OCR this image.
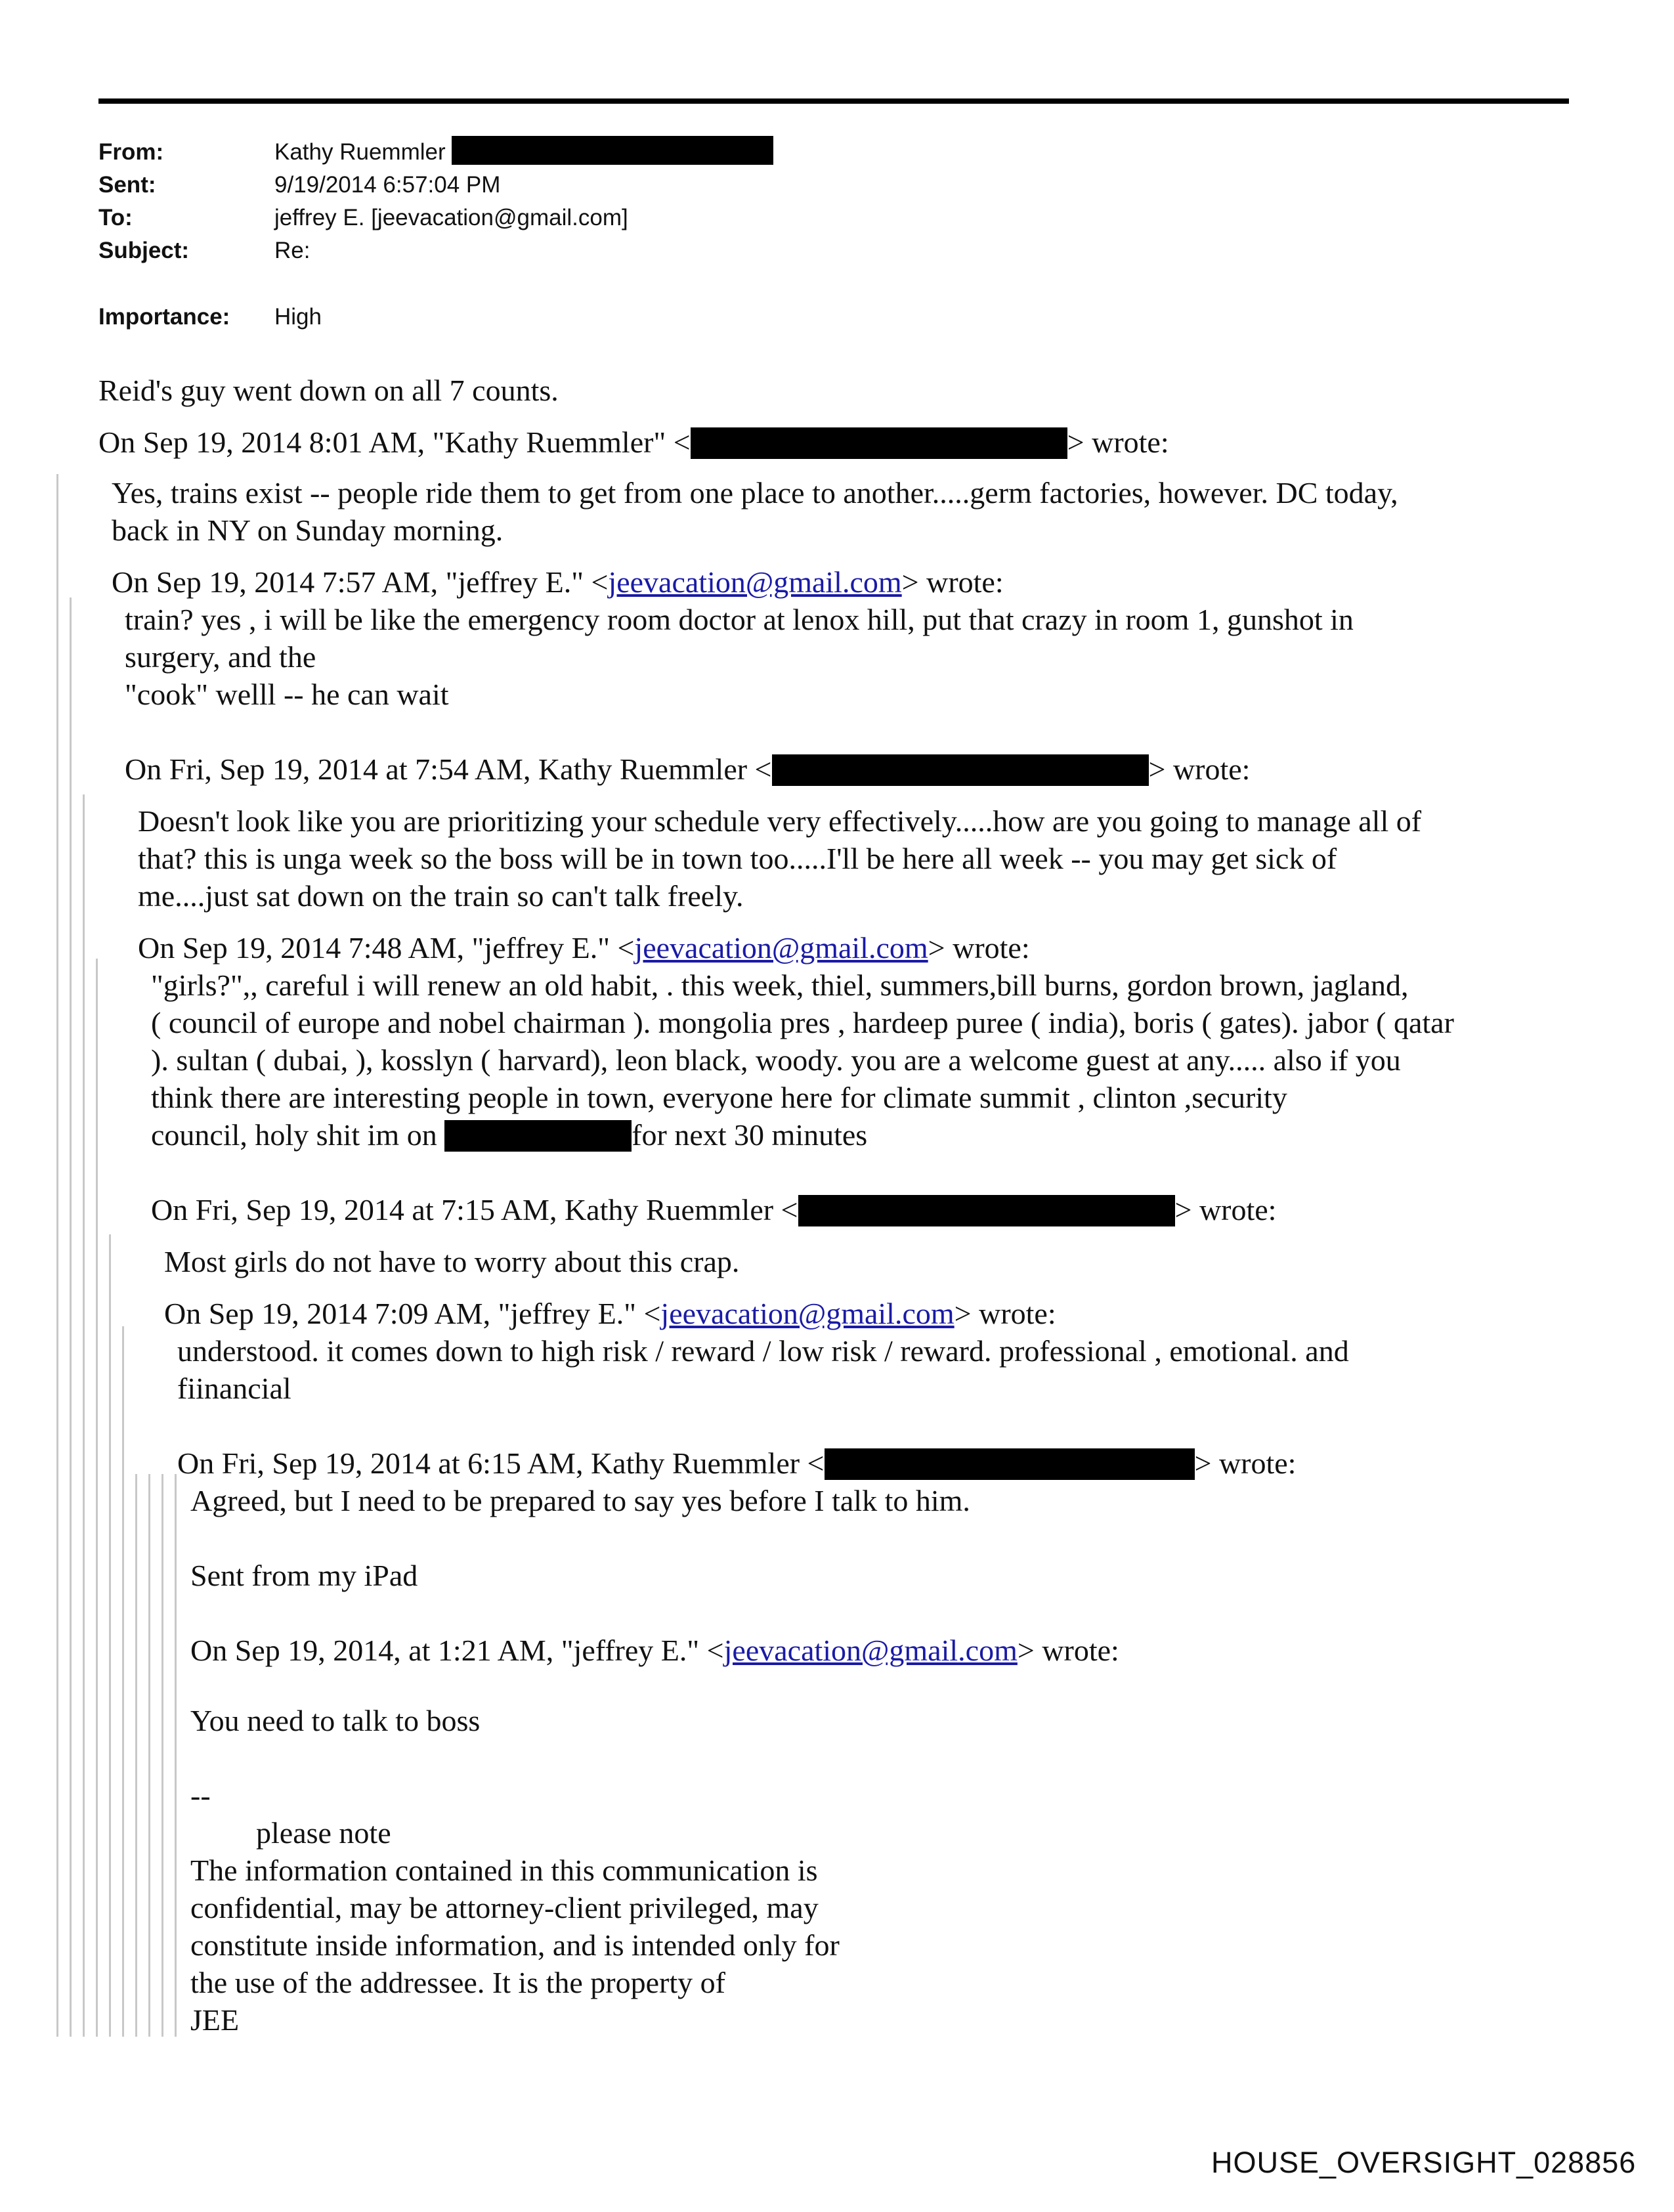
From:	Kathy Ruemmler
Sent:	9/19/2014 6:57:04 PM
To:	jeffrey E. [jeevacation@gmail.com]
Subject:	Re:
Importance: High
Reid's guy went down on all 7 counts.
On Sep 19, 2014 8:01 AM, "Kathy Ruemmler" <	> wrote:
Yes, trains exist -- people ride them to get from one place to another.....germ factories, however. DC today,
back in NY on Sunday morning.
On Sep 19, 2014 7:57 AM, "jeffrey E." <jeevacation@gmail.com> wrote:
train? yes , i will be like the emergency room doctor at lenox hill, put that crazy in room 1, gunshot in
surgery, and the
"cook" welll -- he can wait
On Fri, Sep 19, 2014 at 7:54 AM, Kathy Ruemmler <	> wrote:
Doesn't look like you are prioritizing your schedule very effectively.....how are you going to manage all of
that? this is unga week so the boss will be in town too.....I'll be here all week -- you may get sick of
me....just sat down on the train so can't talk freely.
On Sep 19, 2014 7:48 AM, "jeffrey E." <jeevacation@gmail.com> wrote:
"girls?",, careful i will renew an old habit, . this week, thiel, summers,bill burns, gordon brown, jagland,
( council of europe and nobel chairman ). mongolia pres , hardeep puree ( india), boris ( gates). jabor ( qatar
). sultan ( dubai, ), kosslyn ( harvard), leon black, woody. you are a welcome guest at any..... also if you
think there are interesting people in town, everyone here for climate summit , clinton ,security
council, holy shit im on	for next 30 minutes
On Fri, Sep 19, 2014 at 7:15 AM, Kathy Ruemmler <	> wrote:
Most girls do not have to worry about this crap.
On Sep 19, 2014 7:09 AM, "jeffrey E." <jeevacation@gmail.com> wrote:
understood. it comes down to high risk / reward / low risk / reward. professional , emotional. and
fiinancial
On Fri, Sep 19, 2014 at 6:15 AM, Kathy Ruemmler <	> wrote:
Agreed, but I need to be prepared to say yes before I talk to him.
Sent from my iPad
On Sep 19, 2014, at 1:21 AM, "jeffrey E." <jeevacation@gmail.com> wrote:
You need to talk to boss
--
please note
The information contained in this communication is
confidential, may be attorney-client privileged, may
constitute inside information, and is intended only for
the use of the addressee. It is the property of
JEE
HOUSE_OVERSIGHT_028856
